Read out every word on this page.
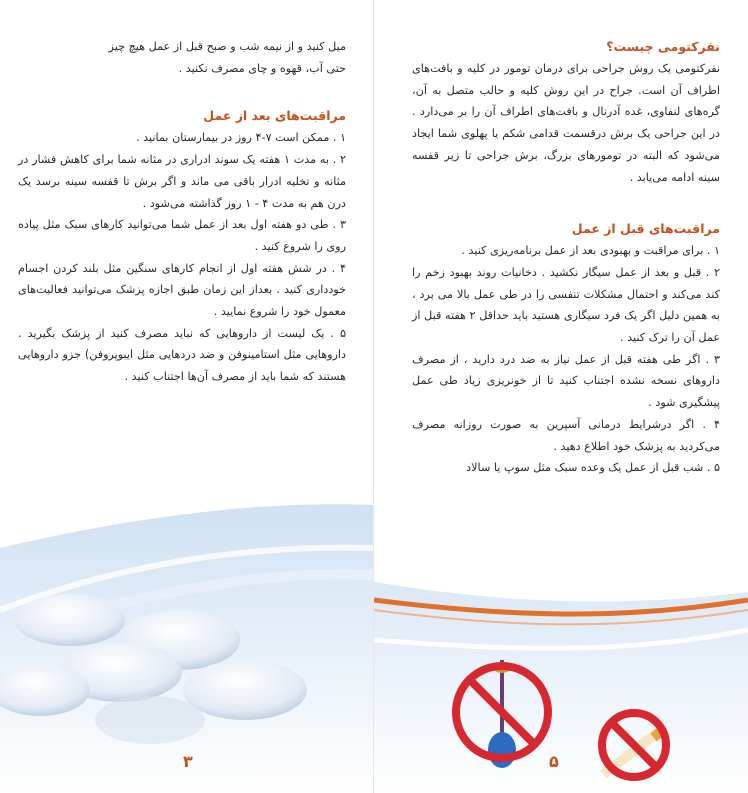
میل کنید و از نیمه شب و صبح قبل از عمل هیچ چیز
حتی آب، قهوه و چای مصرف نکنید .
مراقبت‌های بعد از عمل
۱ . ممکن است ۷-۴ روز در بیمارستان بمانید .
۲ . به مدت ۱ هفته یک سوند ادراری در مثانه شما برای کاهش فشار در مثانه و تخلیه ادرار باقی می ماند و اگر برش تا قفسه سینه برسد یک درن هم به مدت ۴ - ۱ روز گذاشته می‌شود .
۳ . طی دو هفته اول بعد از عمل شما می‌توانید کارهای سبک مثل پیاده روی را شروع کنید .
۴ . در شش هفته اول از انجام کارهای سنگین مثل بلند کردن اجسام خودداری کنید . بعداز این زمان طبق اجازه پزشک می‌توانید فعالیت‌های معمول خود را شروع نمایید .
۵ . یک لیست از داروهایی که نباید مصرف کنید از پزشک بگیرید . داروهایی مثل استامینوفن و ضد دردهایی مثل ایبوپروفن) جزو داروهایی هستند که شما باید از مصرف آن‌ها اجتناب کنید .
۳
نفرکتومی چیست؟
نفرکتومی یک روش جراحی برای درمان تومور در کلیه و بافت‌های اطراف آن است. جراح در این روش کلیه و حالب متصل به آن، گره‌های لنفاوی، غده آدرنال و بافت‌های اطراف آن را بر می‌دارد . در این جراحی یک برش درقسمت قدامی شکم یا پهلوی شما ایجاد می‌شود که البته در تومورهای بزرگ، برش جراحی تا زیر قفسه سینه ادامه می‌یابد .
مراقبت‌های قبل از عمل
۱ . برای مراقبت و بهبودی بعد از عمل برنامه‌ریزی کنید .
۲ . قبل و بعد از عمل سیگار نکشید . دخانیات روند بهبود زخم را کند می‌کند و احتمال مشکلات تنفسی را در طی عمل بالا می برد ، به همین دلیل اگر یک فرد سیگاری هستید باید حداقل ۲ هفته قبل از عمل آن را ترک کنید .
۳ . اگر طی هفته قبل از عمل نیاز به ضد درد دارید ، از مصرف داروهای نسخه نشده اجتناب کنید تا از خونریزی زیاد طی عمل پیشگیری شود .
۴ . اگر درشرایط درمانی آسپرین به صورت روزانه مصرف می‌کردید به پزشک خود اطلاع دهید .
۵ . شب قبل از عمل یک وعده سبک مثل سوپ یا سالاد
۵
